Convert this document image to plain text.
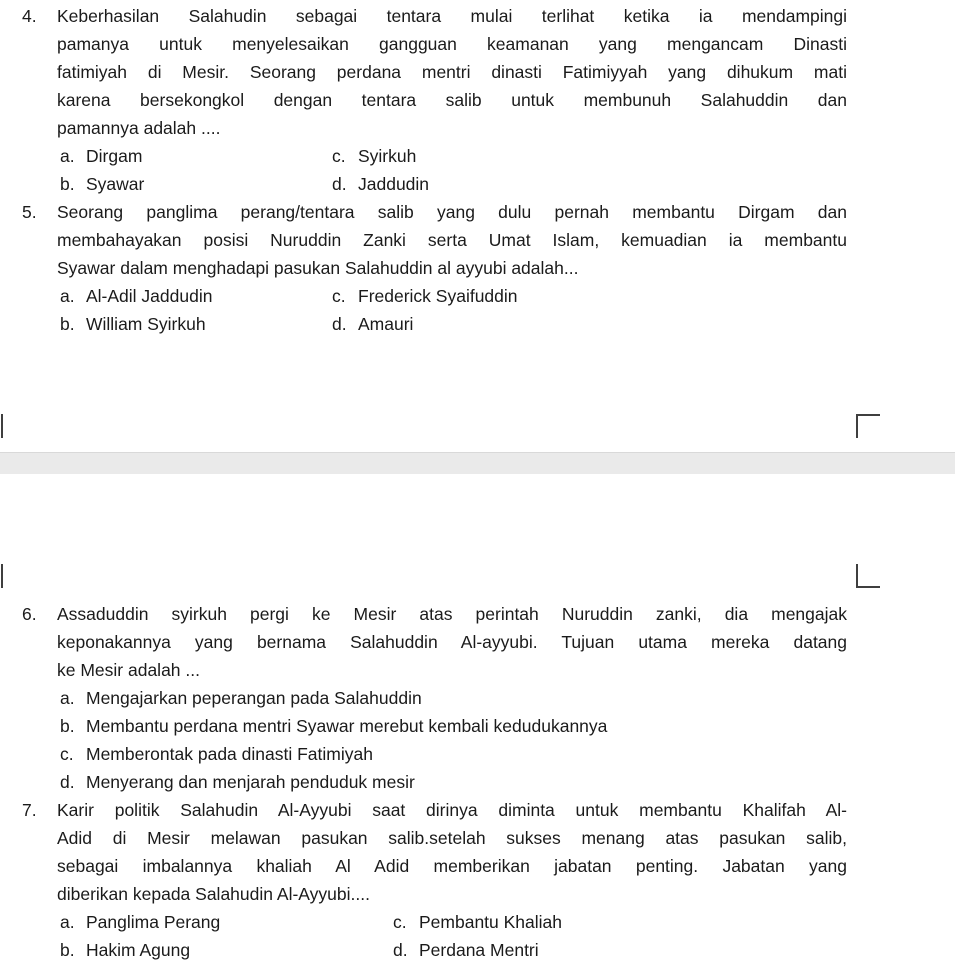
4.	Keberhasilan Salahudin sebagai tentara mulai terlihat ketika ia mendampingi
pamanya untuk menyelesaikan gangguan keamanan yang mengancam Dinasti
fatimiyah di Mesir. Seorang perdana mentri dinasti Fatimiyyah yang dihukum mati
karena bersekongkol dengan tentara salib untuk membunuh Salahuddin dan
pamannya adalah ....
a. Dirgam	c. Syirkuh
b. Syawar	d. Jaddudin
5.	Seorang panglima perang/tentara salib yang dulu pernah membantu Dirgam dan
membahayakan posisi Nuruddin Zanki serta Umat Islam, kemuadian ia membantu
Syawar dalam menghadapi pasukan Salahuddin al ayyubi adalah...
a. Al-Adil Jaddudin	c. Frederick Syaifuddin
b. William Syirkuh	d. Amauri
6.	Assaduddin syirkuh pergi ke Mesir atas perintah Nuruddin zanki, dia mengajak
keponakannya yang bernama Salahuddin Al-ayyubi. Tujuan utama mereka datang
ke Mesir adalah ...
a. Mengajarkan peperangan pada Salahuddin
b. Membantu perdana mentri Syawar merebut kembali kedudukannya
c. Memberontak pada dinasti Fatimiyah
d. Menyerang dan menjarah penduduk mesir
7.	Karir politik Salahudin Al-Ayyubi saat dirinya diminta untuk membantu Khalifah Al-
Adid di Mesir melawan pasukan salib.setelah sukses menang atas pasukan salib,
sebagai imbalannya khaliah Al Adid memberikan jabatan penting. Jabatan yang
diberikan kepada Salahudin Al-Ayyubi....
a. Panglima Perang	c. Pembantu Khaliah
b. Hakim Agung	d. Perdana Mentri
